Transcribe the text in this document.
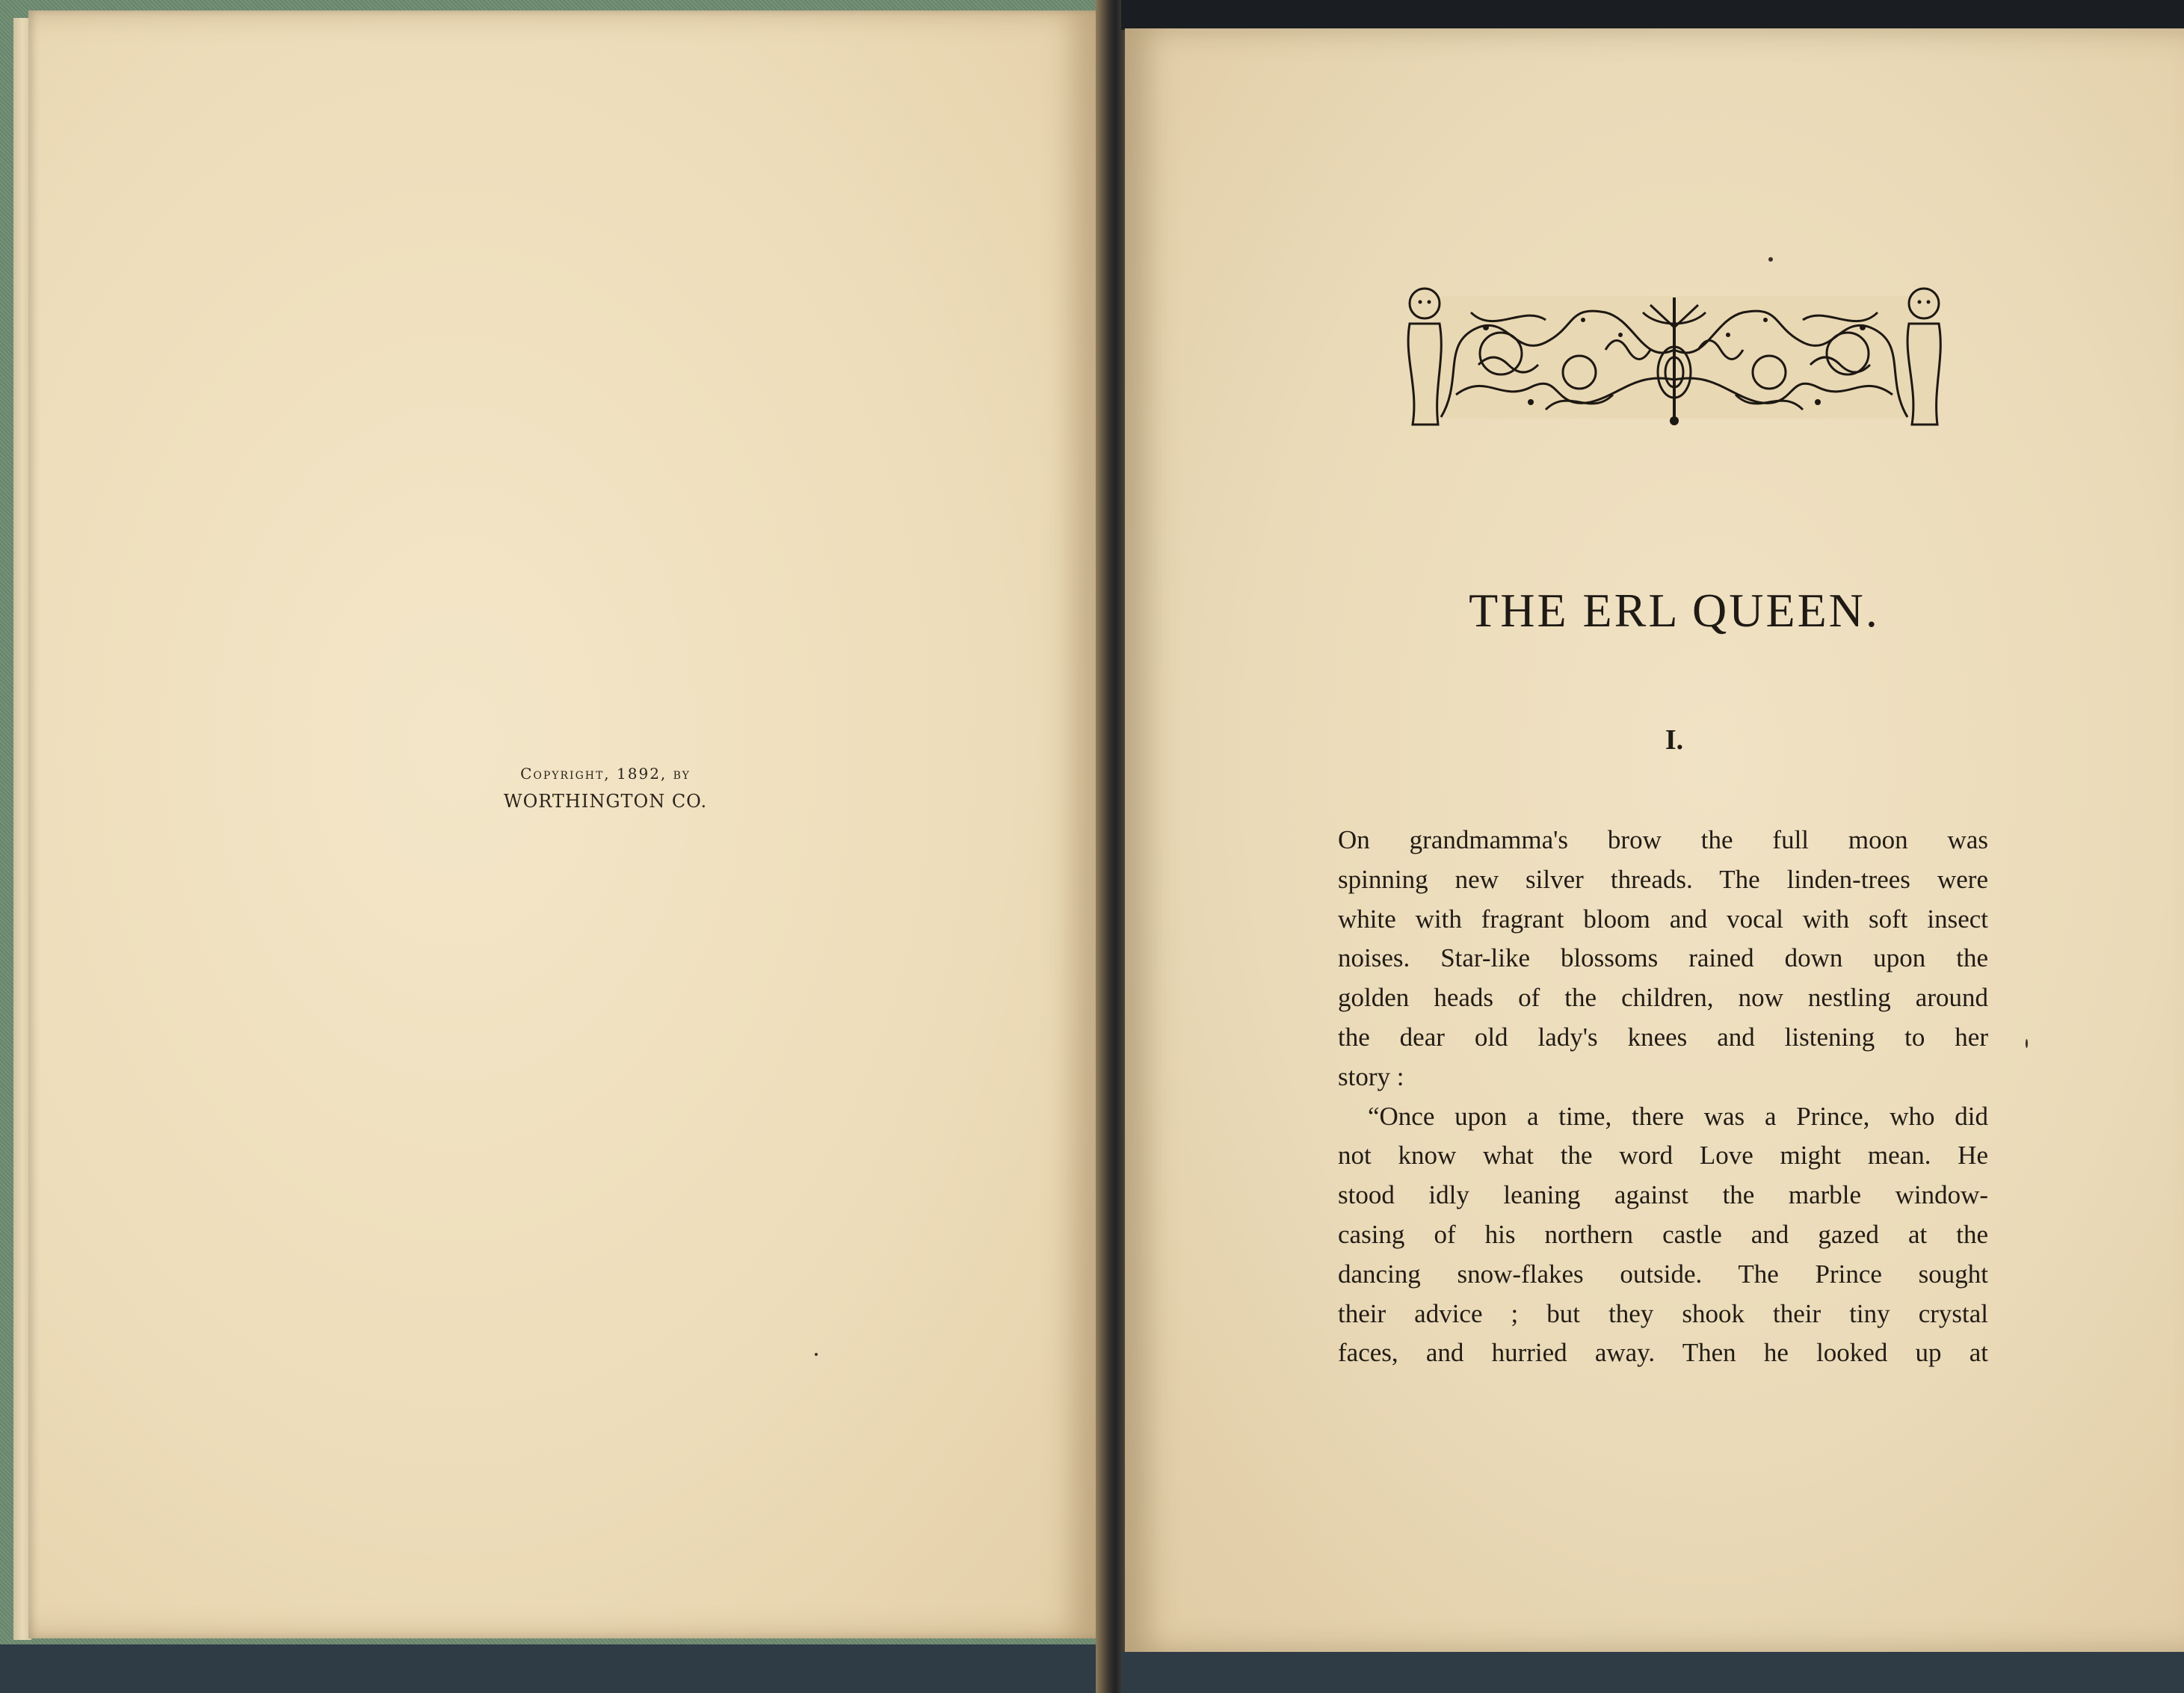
Copyright, 1892, by
WORTHINGTON CO.
THE ERL QUEEN.
I.
On grandmamma's brow the full moon was
spinning new silver threads. The linden-trees were
white with fragrant bloom and vocal with soft insect
noises. Star-like blossoms rained down upon the
golden heads of the children, now nestling around
the dear old lady's knees and listening to her
story :
“Once upon a time, there was a Prince, who did
not know what the word Love might mean. He
stood idly leaning against the marble window-
casing of his northern castle and gazed at the
dancing snow-flakes outside. The Prince sought
their advice ; but they shook their tiny crystal
faces, and hurried away. Then he looked up at
